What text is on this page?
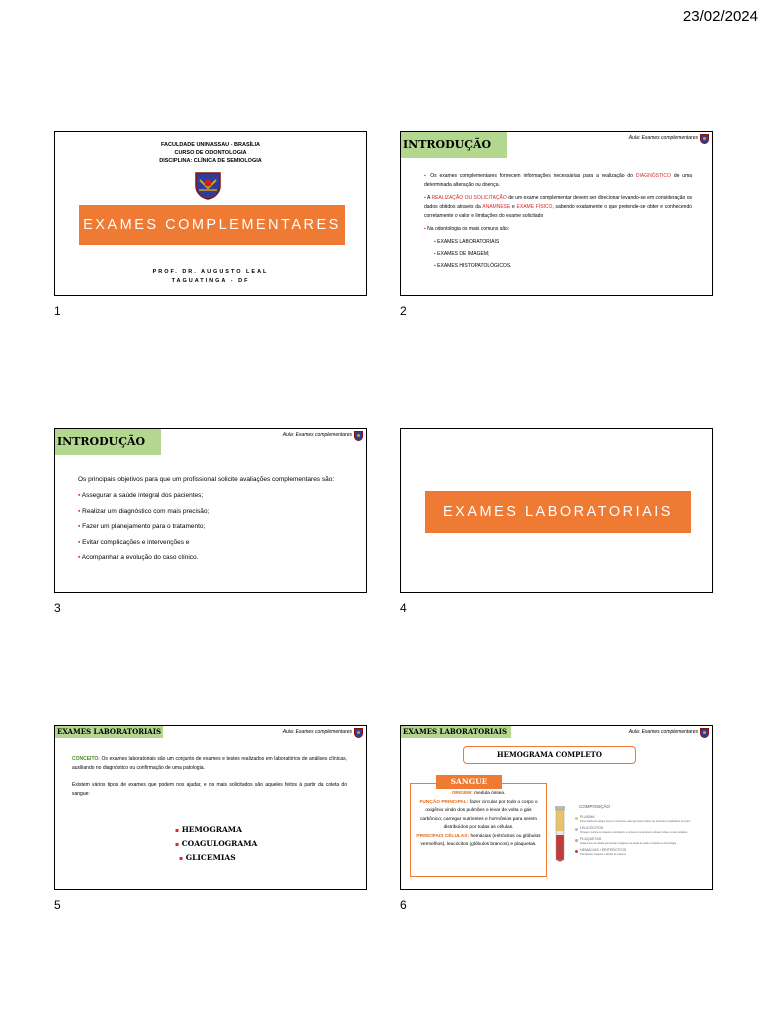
23/02/2024
FACULDADE UNINASSAU - BRASÍLIA
CURSO DE ODONTOLOGIA
DISCIPLINA: CLÍNICA DE SEMIOLOGIA
EXAMES COMPLEMENTARES
PROF. DR. AUGUSTO LEAL
TAGUATINGA - DF
1
INTRODUÇÃO	Aula: Exames complementares
▪ Os exames complementares fornecem informações necessárias para a realização do DIAGNÓSTICO de uma determinada alteração ou doença.
▪ A REALIZAÇÃO OU SOLICITAÇÃO de um exame complementar devem ser direcionar levando-se em consideração os dados obtidos através da ANAMNESE e EXAME FÍSICO, sabendo exatamente o que pretende-se obter e conhecendo corretamente o valor e limitações do exame solicitado
▪ Na odontologia os mais comuns são:
▪ EXAMES LABORATORIAIS
▪ EXAMES DE IMAGEM;
▪ EXAMES HISTOPATOLÓGICOS.
2
INTRODUÇÃO	Aula: Exames complementares
Os principais objetivos para que um profissional solicite avaliações complementares são:
▪ Assegurar a saúde integral dos pacientes;
▪ Realizar um diagnóstico com mais precisão;
▪ Fazer um planejamento para o tratamento;
▪ Evitar complicações e intervenções e
▪ Acompanhar a evolução do caso clínico.
3
EXAMES LABORATORIAIS
4
EXAMES LABORATORIAIS	Aula: Exames complementares
CONCEITO: Os exames laboratoriais são um conjunto de exames e testes realizados em laboratórios de análises clínicas, auxiliando no diagnóstico ou confirmação de uma patologia.
Existem vários tipos de exames que podem nos ajudar, e os mais solicitados são aqueles feitos à partir da coleta do sangue:
▪ HEMOGRAMA
▪ COAGULOGRAMA
▪ GLICEMIAS
5
EXAMES LABORATORIAIS	Aula: Exames complementares
HEMOGRAMA COMPLETO
ORIGEM: medula óssea.
FUNÇÃO PRINCIPAL: fazer circular por todo o corpo o oxigênio vindo dos pulmões e levar de volta o gás carbônico; carregar nutrientes e hormônios para serem distribuídos por todas as células.
PRINCIPAIS CÉLULAS: hemácias (eritrócitos ou glóbulos vermelhos), leucócitos (glóbulos brancos) e plaquetas.
SANGUE
COMPOSIÇÃO
PLASMA
Parte líquida do sangue rica em nutrientes e sais que ficam retidos nos processos metabólicos do corpo
LEUCÓCITOS
Protegem contra os invasores microbianos e removem ou destroem células mortas e restos celulares
PLAQUETAS
Fragmentos de células que formam coágulos nos locais de lesão e impedem a hemorragia
HEMÁCIAS / ERITRÓCITOS
Transportam oxigênio e dióxido de carbono
6
